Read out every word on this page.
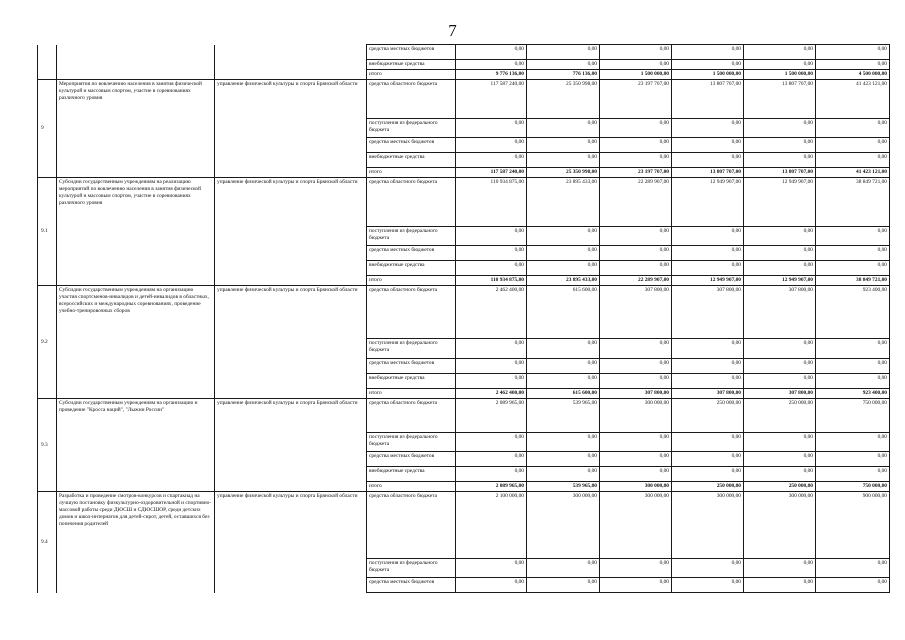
7
			средства местных бюджетов	0,00	0,00	0,00	0,00	0,00	0,00
			внебюджетные средства	0,00	0,00	0,00	0,00	0,00	0,00
			итого	9 776 136,00	776 136,00	1 500 000,00	1 500 000,00	1 500 000,00	4 500 000,00
9	Мероприятия по вовлечению населения в занятия физической культурой и массовым спортом, участие в соревнованиях различного уровня	управление физической культуры и спорта Брянской области	средства областного бюджета	117 587 240,00	25 350 998,00	23 197 707,00	13 807 707,00	13 807 707,00	41 423 121,00
			поступления из федерального бюджета	0,00	0,00	0,00	0,00	0,00	0,00
			средства местных бюджетов	0,00	0,00	0,00	0,00	0,00	0,00
			внебюджетные средства	0,00	0,00	0,00	0,00	0,00	0,00
			итого	117 587 240,00	25 350 998,00	23 197 707,00	13 807 707,00	13 807 707,00	41 423 121,00
9.1	Субсидии государственным учреждениям на реализацию мероприятий по вовлечению населения в занятия физической культурой и массовым спортом, участие в соревнованиях различного уровня	управление физической культуры и спорта Брянской области	средства областного бюджета	110 934 875,00	23 895 433,00	22 289 907,00	12 949 907,00	12 949 907,00	38 849 721,00
			поступления из федерального бюджета	0,00	0,00	0,00	0,00	0,00	0,00
			средства местных бюджетов	0,00	0,00	0,00	0,00	0,00	0,00
			внебюджетные средства	0,00	0,00	0,00	0,00	0,00	0,00
			итого	110 934 875,00	23 895 433,00	22 289 907,00	12 949 907,00	12 949 907,00	38 849 721,00
9.2	Субсидии государственным учреждениям на организацию участия спортсменов-инвалидов и детей-инвалидов в областных, всероссийских и международных соревнованиях, проведение учебно-тренировочных сборов	управление физической культуры и спорта Брянской области	средства областного бюджета	2 462 400,00	615 600,00	307 800,00	307 800,00	307 800,00	923 400,00
			поступления из федерального бюджета	0,00	0,00	0,00	0,00	0,00	0,00
			средства местных бюджетов	0,00	0,00	0,00	0,00	0,00	0,00
			внебюджетные средства	0,00	0,00	0,00	0,00	0,00	0,00
			итого	2 462 400,00	615 600,00	307 800,00	307 800,00	307 800,00	923 400,00
9.3	Субсидии государственным учреждениям на организацию и проведение "Кросса наций", "Лыжни России"	управление физической культуры и спорта Брянской области	средства областного бюджета	2 089 965,00	539 965,00	300 000,00	250 000,00	250 000,00	750 000,00
			поступления из федерального бюджета	0,00	0,00	0,00	0,00	0,00	0,00
			средства местных бюджетов	0,00	0,00	0,00	0,00	0,00	0,00
			внебюджетные средства	0,00	0,00	0,00	0,00	0,00	0,00
			итого	2 089 965,00	539 965,00	300 000,00	250 000,00	250 000,00	750 000,00
9.4	Разработка и проведение смотров-конкурсов и спартакиад на лучшую постановку физкультурно-оздоровительной и спортивно-массовой работы среди ДЮСШ и СДЮСШОР, среди детских домов и школ-интернатов для детей-сирот, детей, оставшихся без попечения родителей	управление физической культуры и спорта Брянской области	средства областного бюджета	2 100 000,00	300 000,00	300 000,00	300 000,00	300 000,00	900 000,00
			поступления из федерального бюджета	0,00	0,00	0,00	0,00	0,00	0,00
			средства местных бюджетов	0,00	0,00	0,00	0,00	0,00	0,00
